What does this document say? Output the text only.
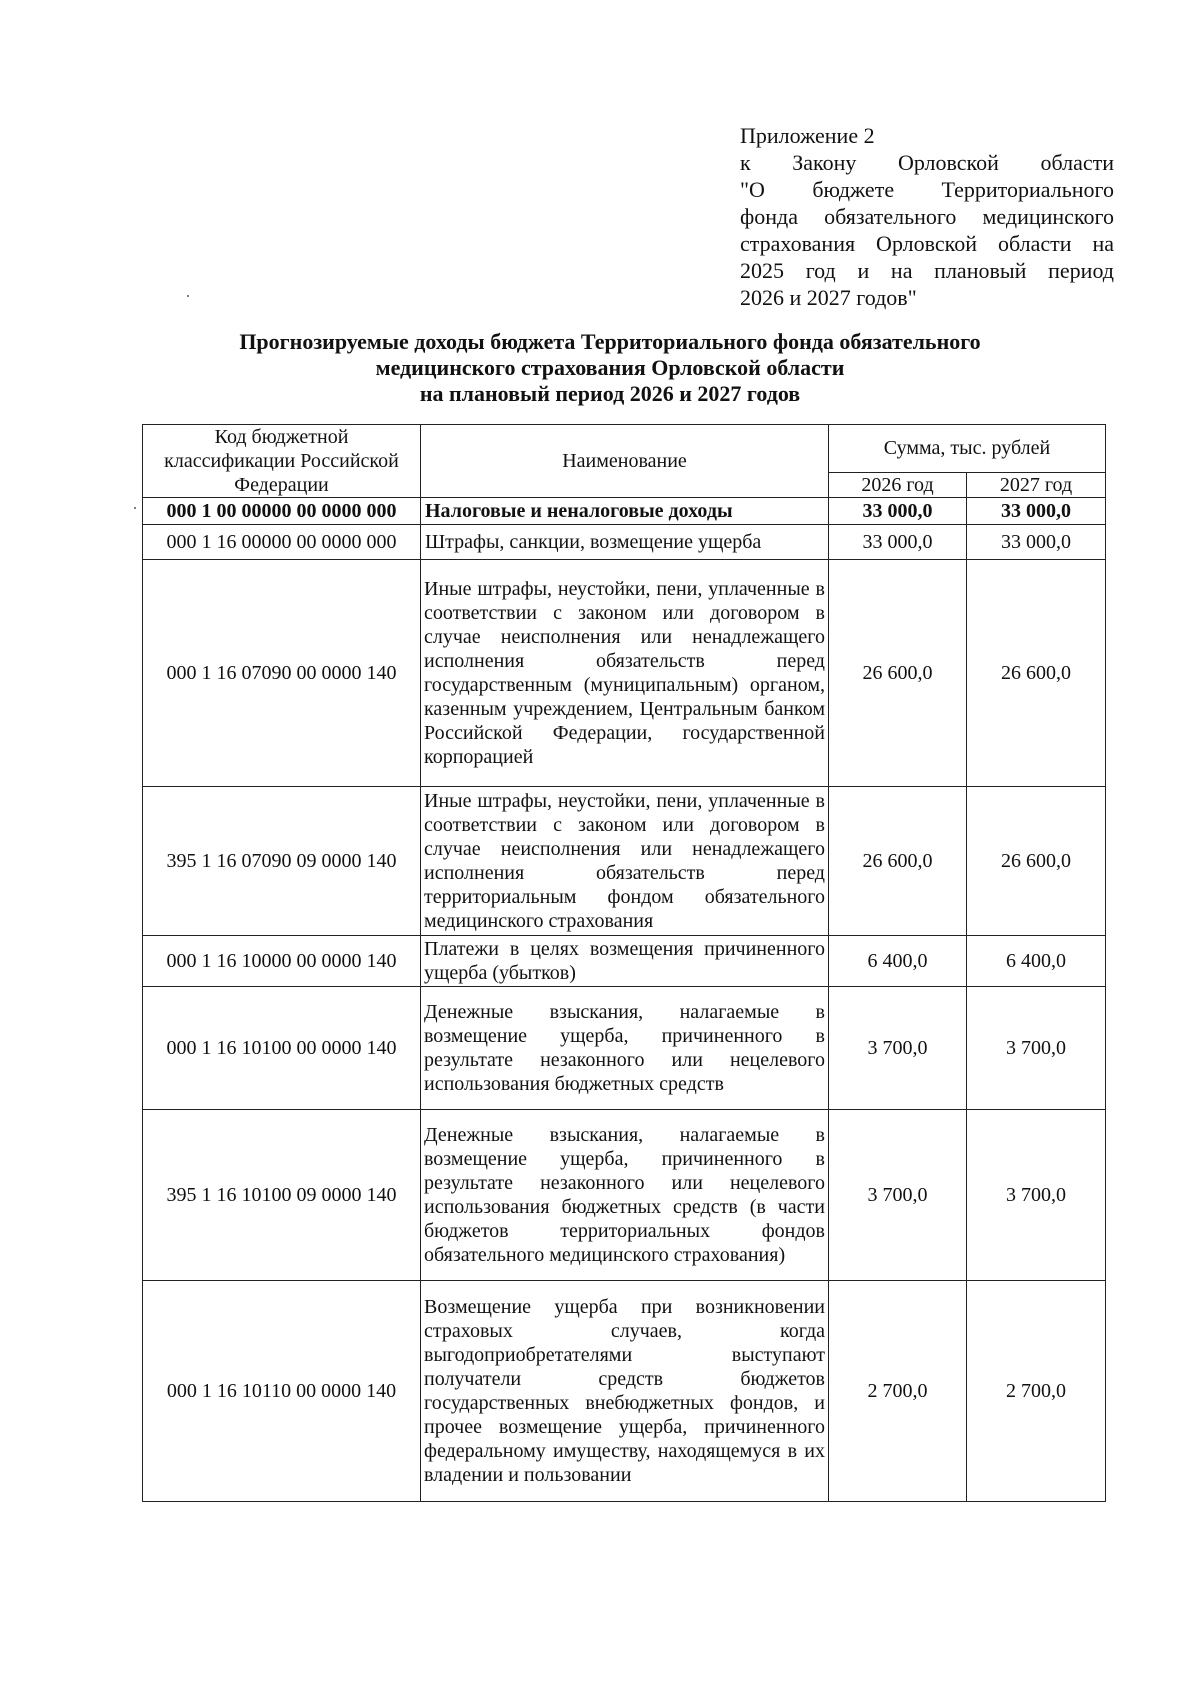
Приложение 2
к Закону Орловской области
"О бюджете Территориального
фонда обязательного медицинского
страхования Орловской области на
2025 год и на плановый период
2026 и 2027 годов"
Прогнозируемые доходы бюджета Территориального фонда обязательного
медицинского страхования Орловской области
на плановый период 2026 и 2027 годов
Код бюджетной классификации Российской Федерации	Наименование	Сумма, тыс. рублей	
		2026 год	2027 год
000 1 00 00000 00 0000 000	Налоговые и неналоговые доходы	33 000,0	33 000,0
000 1 16 00000 00 0000 000	Штрафы, санкции, возмещение ущерба	33 000,0	33 000,0
000 1 16 07090 00 0000 140	Иные штрафы, неустойки, пени, уплаченные в соответствии с законом или договором в случае неисполнения или ненадлежащего исполнения обязательств перед государственным (муниципальным) органом, казенным учреждением, Центральным банком Российской Федерации, государственной корпорацией	26 600,0	26 600,0
395 1 16 07090 09 0000 140	Иные штрафы, неустойки, пени, уплаченные в соответствии с законом или договором в случае неисполнения или ненадлежащего исполнения обязательств перед территориальным фондом обязательного медицинского страхования	26 600,0	26 600,0
000 1 16 10000 00 0000 140	Платежи в целях возмещения причиненного ущерба (убытков)	6 400,0	6 400,0
000 1 16 10100 00 0000 140	Денежные взыскания, налагаемые в возмещение ущерба, причиненного в результате незаконного или нецелевого использования бюджетных средств	3 700,0	3 700,0
395 1 16 10100 09 0000 140	Денежные взыскания, налагаемые в возмещение ущерба, причиненного в результате незаконного или нецелевого использования бюджетных средств (в части бюджетов территориальных фондов обязательного медицинского страхования)	3 700,0	3 700,0
000 1 16 10110 00 0000 140	Возмещение ущерба при возникновении страховых случаев, когда выгодоприобретателями выступают получатели средств бюджетов государственных внебюджетных фондов, и прочее возмещение ущерба, причиненного федеральному имуществу, находящемуся в их владении и пользовании	2 700,0	2 700,0
